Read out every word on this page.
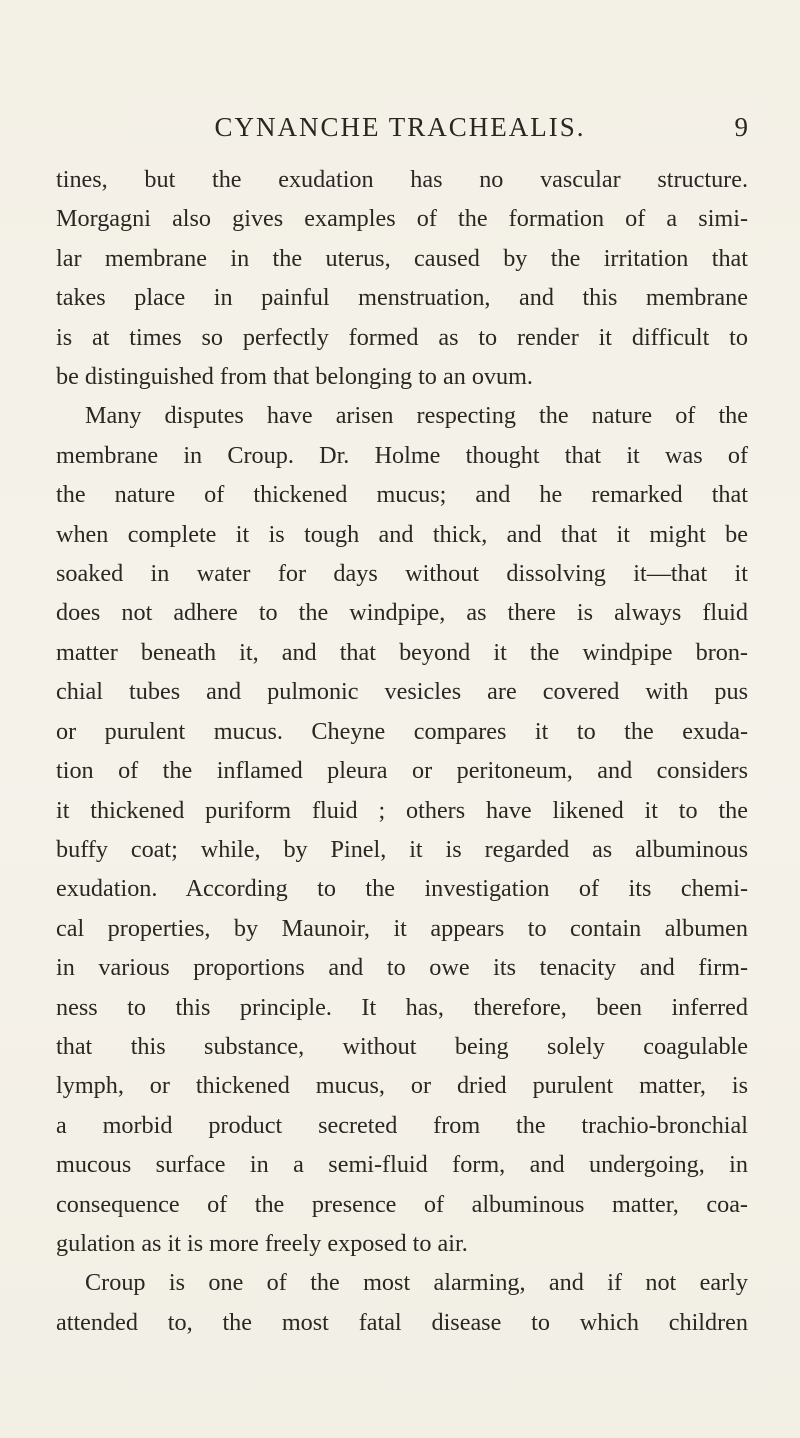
CYNANCHE TRACHEALIS.	9
tines, but the exudation has no vascular structure.
Morgagni also gives examples of the formation of a simi-
lar membrane in the uterus, caused by the irritation that
takes place in painful menstruation, and this membrane
is at times so perfectly formed as to render it difficult to
be distinguished from that belonging to an ovum.
Many disputes have arisen respecting the nature of the
membrane in Croup. Dr. Holme thought that it was of
the nature of thickened mucus; and he remarked that
when complete it is tough and thick, and that it might be
soaked in water for days without dissolving it—that it
does not adhere to the windpipe, as there is always fluid
matter beneath it, and that beyond it the windpipe bron-
chial tubes and pulmonic vesicles are covered with pus
or purulent mucus. Cheyne compares it to the exuda-
tion of the inflamed pleura or peritoneum, and considers
it thickened puriform fluid ; others have likened it to the
buffy coat; while, by Pinel, it is regarded as albuminous
exudation. According to the investigation of its chemi-
cal properties, by Maunoir, it appears to contain albumen
in various proportions and to owe its tenacity and firm-
ness to this principle. It has, therefore, been inferred
that this substance, without being solely coagulable
lymph, or thickened mucus, or dried purulent matter, is
a morbid product secreted from the trachio-bronchial
mucous surface in a semi-fluid form, and undergoing, in
consequence of the presence of albuminous matter, coa-
gulation as it is more freely exposed to air.
Croup is one of the most alarming, and if not early
attended to, the most fatal disease to which children
